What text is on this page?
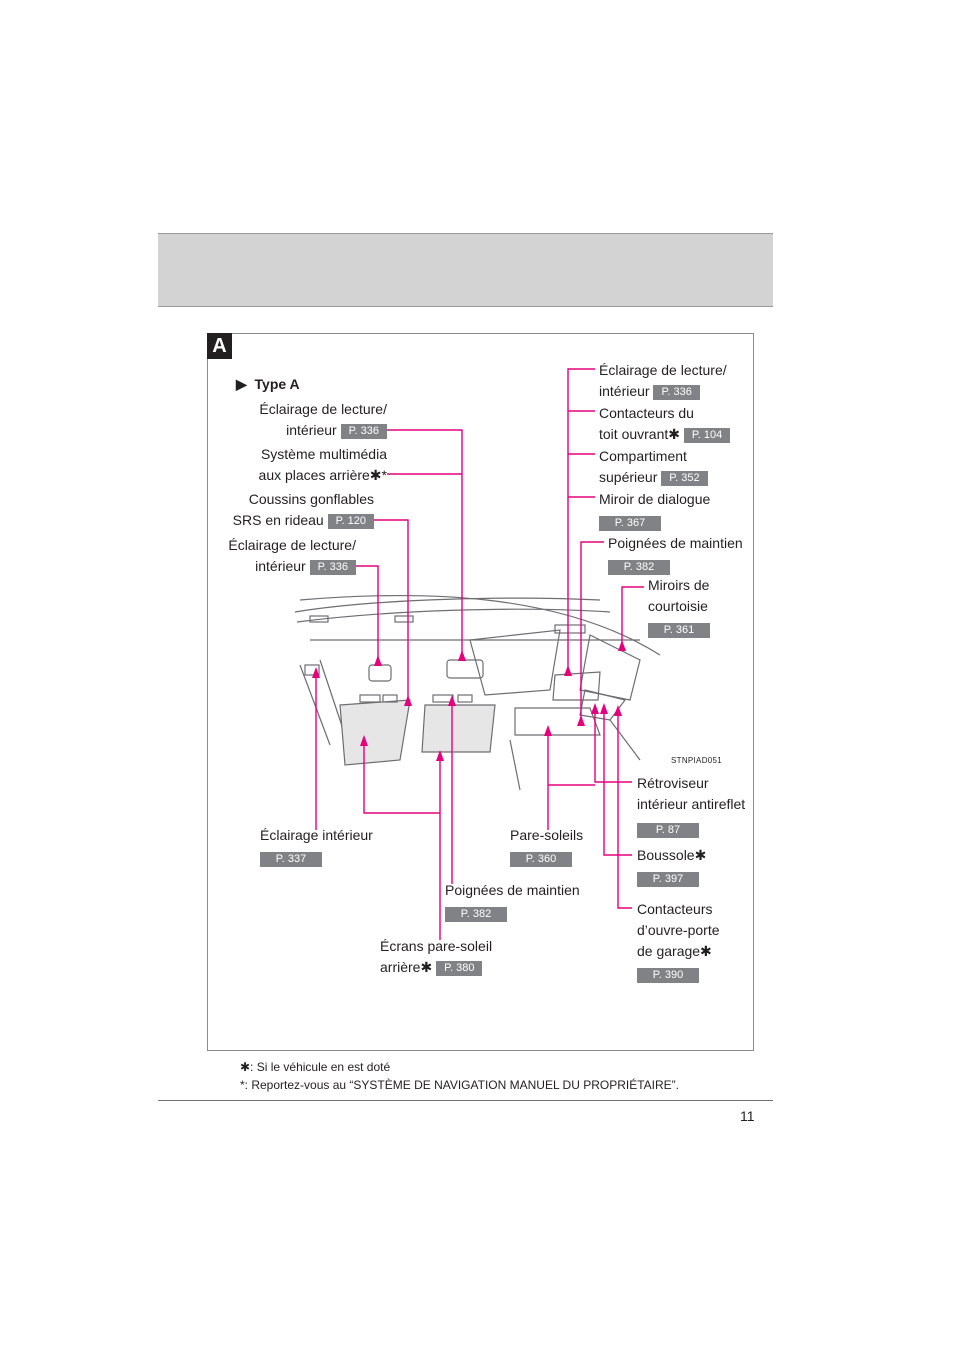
A
▶  Type A
Éclairage de lecture/
intérieur P. 336
Système multimédia
aux places arrière✱*
Coussins gonflables
SRS en rideau P. 120
Éclairage de lecture/
intérieur P. 336
Éclairage de lecture/
intérieur P. 336
Contacteurs du
toit ouvrant✱ P. 104
Compartiment
supérieur P. 352
Miroir de dialogue
P. 367
Poignées de maintien
P. 382
Miroirs de
courtoisie
P. 361
STNPIAD051
Rétroviseur
intérieur antireflet
P. 87
Boussole✱
P. 397
Contacteurs
d’ouvre-porte
de garage✱
P. 390
Éclairage intérieur
P. 337
Pare-soleils
P. 360
Poignées de maintien
P. 382
Écrans pare-soleil
arrière✱ P. 380
✱: Si le véhicule en est doté
*: Reportez-vous au “SYSTÈME DE NAVIGATION MANUEL DU PROPRIÉTAIRE”.
11
